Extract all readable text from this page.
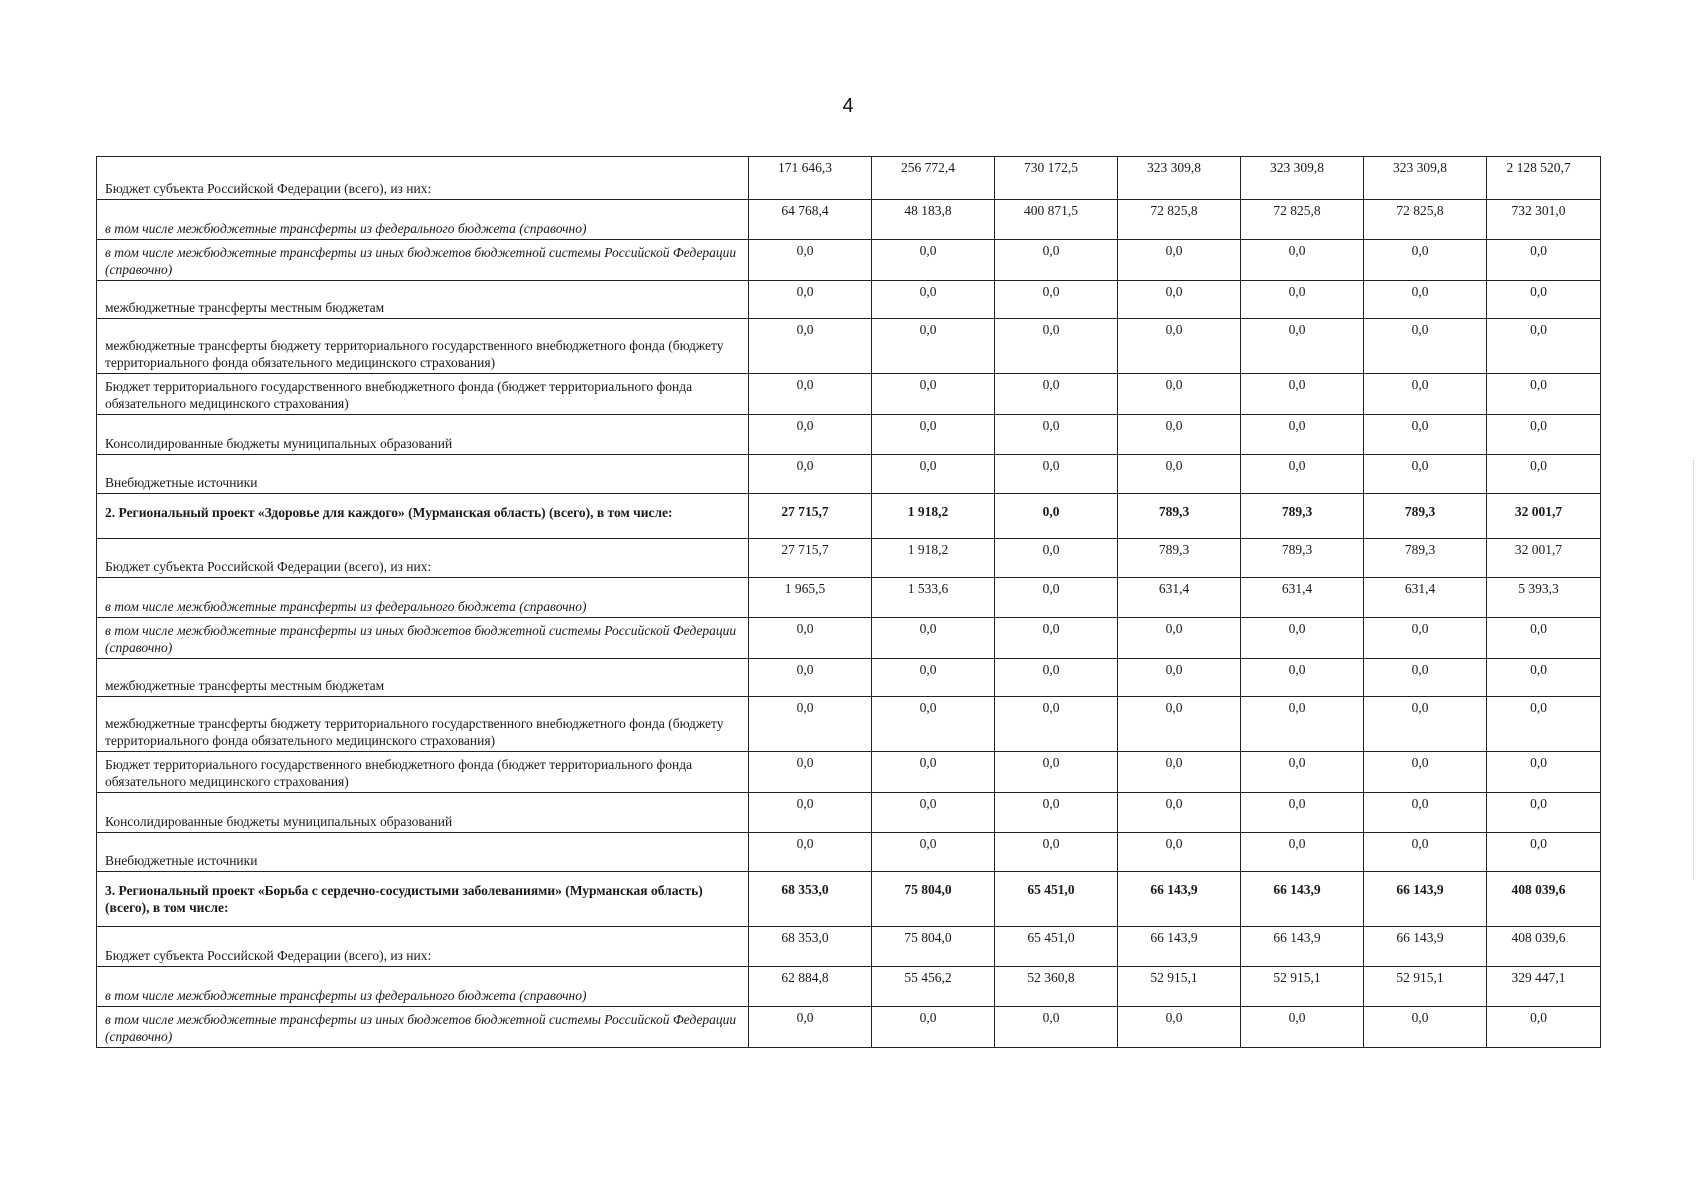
4
Бюджет субъекта Российской Федерации (всего), из них:	171 646,3	256 772,4	730 172,5	323 309,8	323 309,8	323 309,8	2 128 520,7
в том числе межбюджетные трансферты из федерального бюджета (справочно)	64 768,4	48 183,8	400 871,5	72 825,8	72 825,8	72 825,8	732 301,0
в том числе межбюджетные трансферты из иных бюджетов бюджетной системы Российской Федерации (справочно)	0,0	0,0	0,0	0,0	0,0	0,0	0,0
межбюджетные трансферты местным бюджетам	0,0	0,0	0,0	0,0	0,0	0,0	0,0
межбюджетные трансферты бюджету территориального государственного внебюджетного фонда (бюджету территориального фонда обязательного медицинского страхования)	0,0	0,0	0,0	0,0	0,0	0,0	0,0
Бюджет территориального государственного внебюджетного фонда (бюджет территориального фонда обязательного медицинского страхования)	0,0	0,0	0,0	0,0	0,0	0,0	0,0
Консолидированные бюджеты муниципальных образований	0,0	0,0	0,0	0,0	0,0	0,0	0,0
Внебюджетные источники	0,0	0,0	0,0	0,0	0,0	0,0	0,0
2. Региональный проект «Здоровье для каждого» (Мурманская область) (всего), в том числе:	27 715,7	1 918,2	0,0	789,3	789,3	789,3	32 001,7
Бюджет субъекта Российской Федерации (всего), из них:	27 715,7	1 918,2	0,0	789,3	789,3	789,3	32 001,7
в том числе межбюджетные трансферты из федерального бюджета (справочно)	1 965,5	1 533,6	0,0	631,4	631,4	631,4	5 393,3
в том числе межбюджетные трансферты из иных бюджетов бюджетной системы Российской Федерации (справочно)	0,0	0,0	0,0	0,0	0,0	0,0	0,0
межбюджетные трансферты местным бюджетам	0,0	0,0	0,0	0,0	0,0	0,0	0,0
межбюджетные трансферты бюджету территориального государственного внебюджетного фонда (бюджету территориального фонда обязательного медицинского страхования)	0,0	0,0	0,0	0,0	0,0	0,0	0,0
Бюджет территориального государственного внебюджетного фонда (бюджет территориального фонда обязательного медицинского страхования)	0,0	0,0	0,0	0,0	0,0	0,0	0,0
Консолидированные бюджеты муниципальных образований	0,0	0,0	0,0	0,0	0,0	0,0	0,0
Внебюджетные источники	0,0	0,0	0,0	0,0	0,0	0,0	0,0
3. Региональный проект «Борьба с сердечно-сосудистыми заболеваниями» (Мурманская область) (всего), в том числе:	68 353,0	75 804,0	65 451,0	66 143,9	66 143,9	66 143,9	408 039,6
Бюджет субъекта Российской Федерации (всего), из них:	68 353,0	75 804,0	65 451,0	66 143,9	66 143,9	66 143,9	408 039,6
в том числе межбюджетные трансферты из федерального бюджета (справочно)	62 884,8	55 456,2	52 360,8	52 915,1	52 915,1	52 915,1	329 447,1
в том числе межбюджетные трансферты из иных бюджетов бюджетной системы Российской Федерации (справочно)	0,0	0,0	0,0	0,0	0,0	0,0	0,0
